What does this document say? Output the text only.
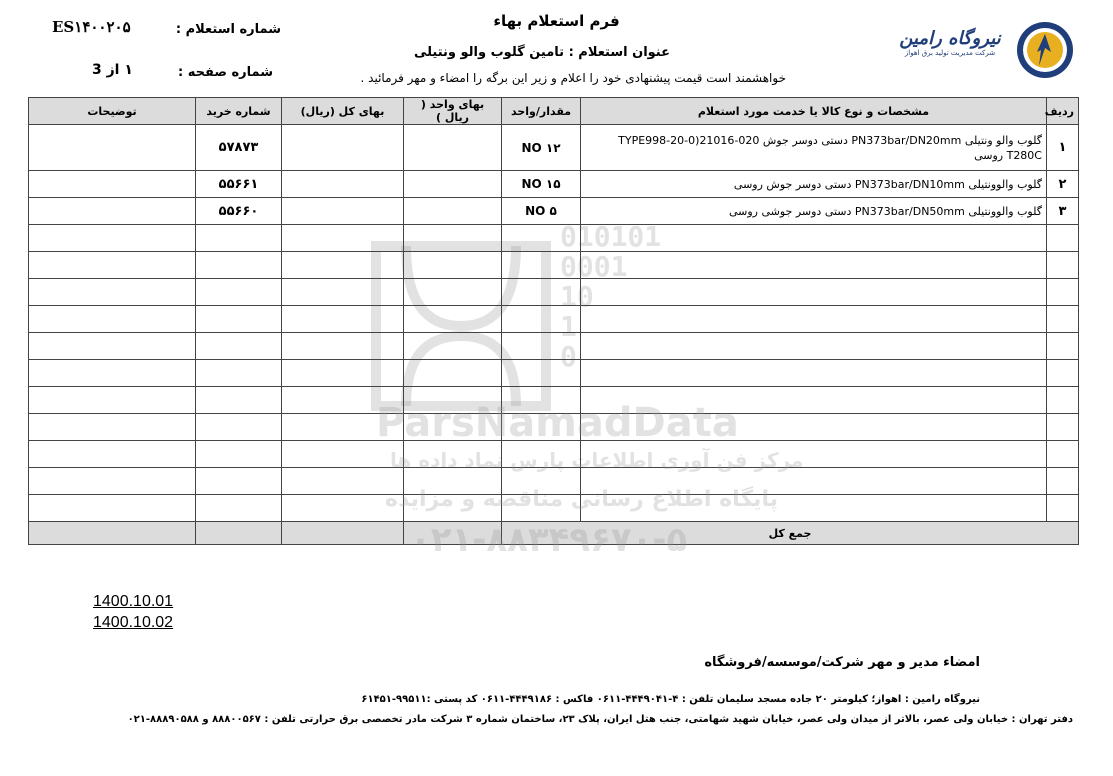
فرم استعلام بهاء
شماره استعلام :
ES۱۴۰۰۲۰۵
شماره صفحه :
۱ از 3
عنوان استعلام : تامین گلوب والو ونتیلی
خواهشمند است قیمت پیشنهادی خود را اعلام و زیر این برگه را امضاء و مهر فرمائید .
نیروگاه رامین
شرکت مدیریت تولید برق اهواز
010101
0001
10
1
0
ردیف	مشخصات و نوع کالا یا خدمت مورد استعلام	مقدار/واحد	بهای واحد ( ریال )	بهای کل (ریال)	شماره خرید	توضیحات
۱	گلوب والو ونتیلی PN373bar/DN20mm دستی دوسر جوش 020-21016(0-20-TYPE998 T280C روسی	۱۲ NO			۵۷۸۷۳	
۲	گلوب والوونتیلی PN373bar/DN10mm دستی دوسر جوش روسی	۱۵ NO			۵۵۶۶۱	
۳	گلوب والوونتیلی PN373bar/DN50mm دستی دوسر جوشی روسی	۵ NO			۵۵۶۶۰	

جمع کل						
ParsNamadData
مرکز فن آوری اطلاعات پارس نماد داده ها
پایگاه اطلاع رسانی مناقصه و مزایده
۰۲۱-۸۸۳۴۹۶۷۰-۵
1400.10.01
1400.10.02
امضاء مدیر و مهر شرکت/موسسه/فروشگاه
نیروگاه رامین : اهواز؛ کیلومتر ۲۰ جاده مسجد سلیمان تلفن : ۴-۴۴۴۹۰۴۱-۰۶۱۱ فاکس : ۴۴۴۹۱۸۶-۰۶۱۱ کد پستی :۹۹۵۱۱-۶۱۴۵۱
دفتر تهران : خیابان ولی عصر، بالاتر از میدان ولی عصر، خیابان شهید شهامتی، جنب هتل ایران، پلاک ۲۳، ساختمان شماره ۳ شرکت مادر تخصصی برق حرارتی تلفن : ۸۸۸۰۰۵۶۷ و ۸۸۸۹۰۵۸۸-۰۲۱
